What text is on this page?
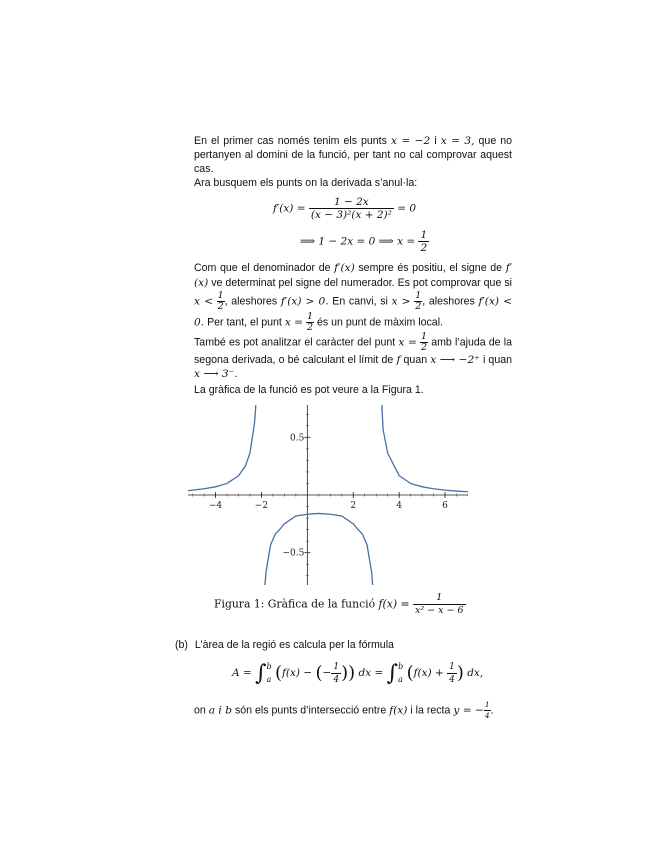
En el primer cas només tenim els punts x = −2 i x = 3, que no pertanyen al domini de la funció, per tant no cal comprovar aquest cas.
Ara busquem els punts on la derivada s’anul·la:
$f'(x) = \frac{1 - 2x}{\text{(x − 3)²(x + 2)²}} = 0$
⟹ 1 − 2x = 0 ⟹ $x = \frac{1}{2}$
Com que el denominador de f′(x) sempre és positiu, el signe de f′(x) ve determinat pel signe del numerador. Es pot comprovar que si $x < \frac{1}{2}$ , aleshores f′(x) > 0. En canvi, si $x > \frac{1}{2}$ , aleshores f′(x) < 0. Per tant, el punt $x = \frac{1}{2}$ és un punt de màxim local.
També es pot analitzar el caràcter del punt $x = \frac{1}{2}$ amb l’ajuda de la segona derivada, o bé calculant el límit de f quan x ⟶ −2⁺ i quan x ⟶ 3⁻.
La gràfica de la funció es pot veure a la Figura 1.
−4	−2	2	4	6
0.5
−0.5
Figura 1: Gràfica de la funció $f(x) = \frac{1}{\text{x² − x − 6}}$
(b) L’àrea de la regió es calcula per la fórmula
A = ∫ b
a (f(x) − (− $\frac{1}{4}$ )) dx = ∫ b
a ($f(x) + \frac{1}{4}$ ) dx,
on a i b són els punts d’intersecció entre f(x) i la recta y = − $\frac{1}{4}$ .
